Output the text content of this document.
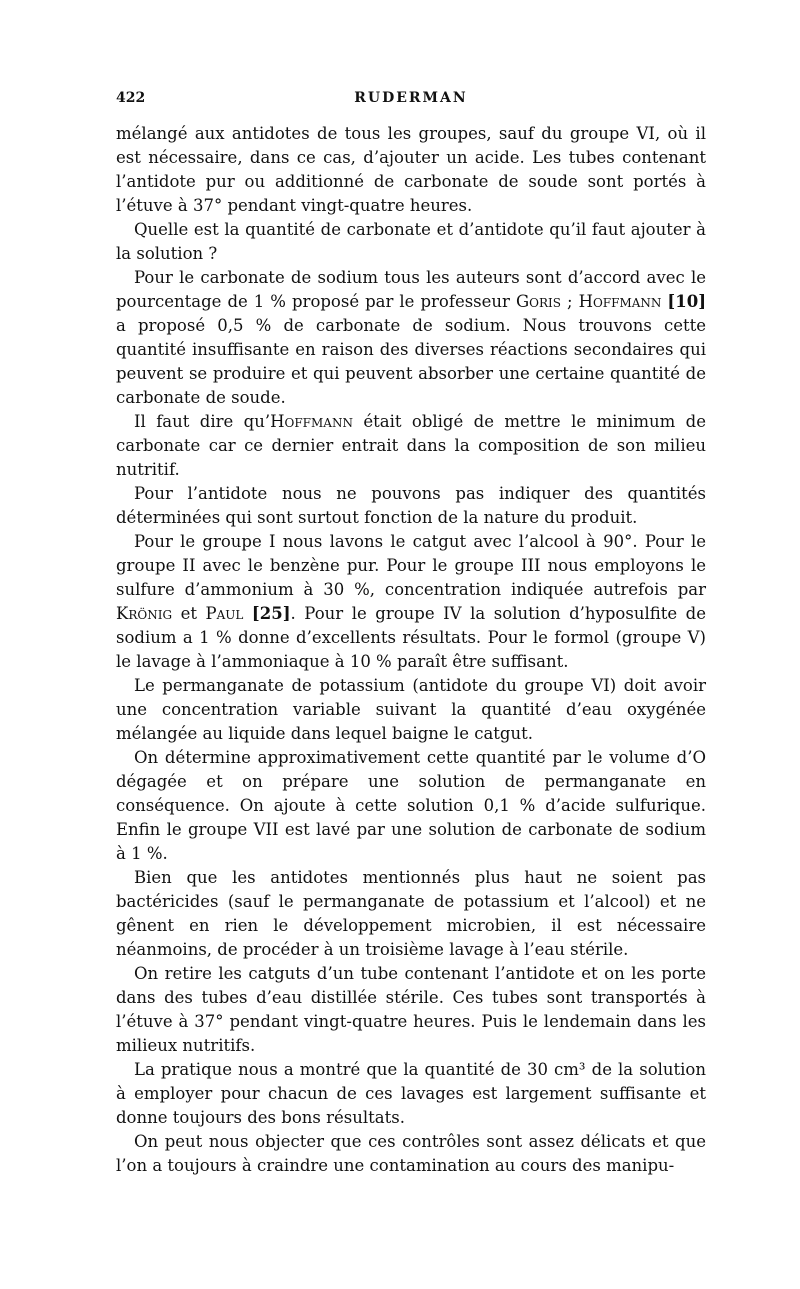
422	RUDERMAN

mélangé aux antidotes de tous les groupes, sauf du groupe VI, où il est nécessaire, dans ce cas, d’ajouter un acide. Les tubes contenant l’antidote pur ou additionné de carbonate de soude sont portés à l’étuve à 37° pendant vingt-quatre heures.

Quelle est la quantité de carbonate et d’antidote qu’il faut ajouter à la solution ?

Pour le carbonate de sodium tous les auteurs sont d’accord avec le pourcentage de 1 % proposé par le professeur Goris ; Hoffmann [10] a proposé 0,5 % de carbonate de sodium. Nous trouvons cette quantité insuffisante en raison des diverses réactions secondaires qui peuvent se produire et qui peuvent absorber une certaine quantité de carbonate de soude.

Il faut dire qu’Hoffmann était obligé de mettre le minimum de carbonate car ce dernier entrait dans la composition de son milieu nutritif.

Pour l’antidote nous ne pouvons pas indiquer des quantités déterminées qui sont surtout fonction de la nature du produit.

Pour le groupe I nous lavons le catgut avec l’alcool à 90°. Pour le groupe II avec le benzène pur. Pour le groupe III nous employons le sulfure d’ammonium à 30 %, concentration indiquée autrefois par Krönig et Paul [25]. Pour le groupe IV la solution d’hyposulfite de sodium a 1 % donne d’excellents résultats. Pour le formol (groupe V) le lavage à l’ammoniaque à 10 % paraît être suffisant.

Le permanganate de potassium (antidote du groupe VI) doit avoir une concentration variable suivant la quantité d’eau oxygénée mélangée au liquide dans lequel baigne le catgut.

On détermine approximativement cette quantité par le volume d’O dégagée et on prépare une solution de permanganate en conséquence. On ajoute à cette solution 0,1 % d’acide sulfurique. Enfin le groupe VII est lavé par une solution de carbonate de sodium à 1 %.

Bien que les antidotes mentionnés plus haut ne soient pas bactéricides (sauf le permanganate de potassium et l’alcool) et ne gênent en rien le développement microbien, il est nécessaire néanmoins, de procéder à un troisième lavage à l’eau stérile.

On retire les catguts d’un tube contenant l’antidote et on les porte dans des tubes d’eau distillée stérile. Ces tubes sont transportés à l’étuve à 37° pendant vingt-quatre heures. Puis le lendemain dans les milieux nutritifs.

La pratique nous a montré que la quantité de 30 cm³ de la solution à employer pour chacun de ces lavages est largement suffisante et donne toujours des bons résultats.

On peut nous objecter que ces contrôles sont assez délicats et que l’on a toujours à craindre une contamination au cours des manipu-
